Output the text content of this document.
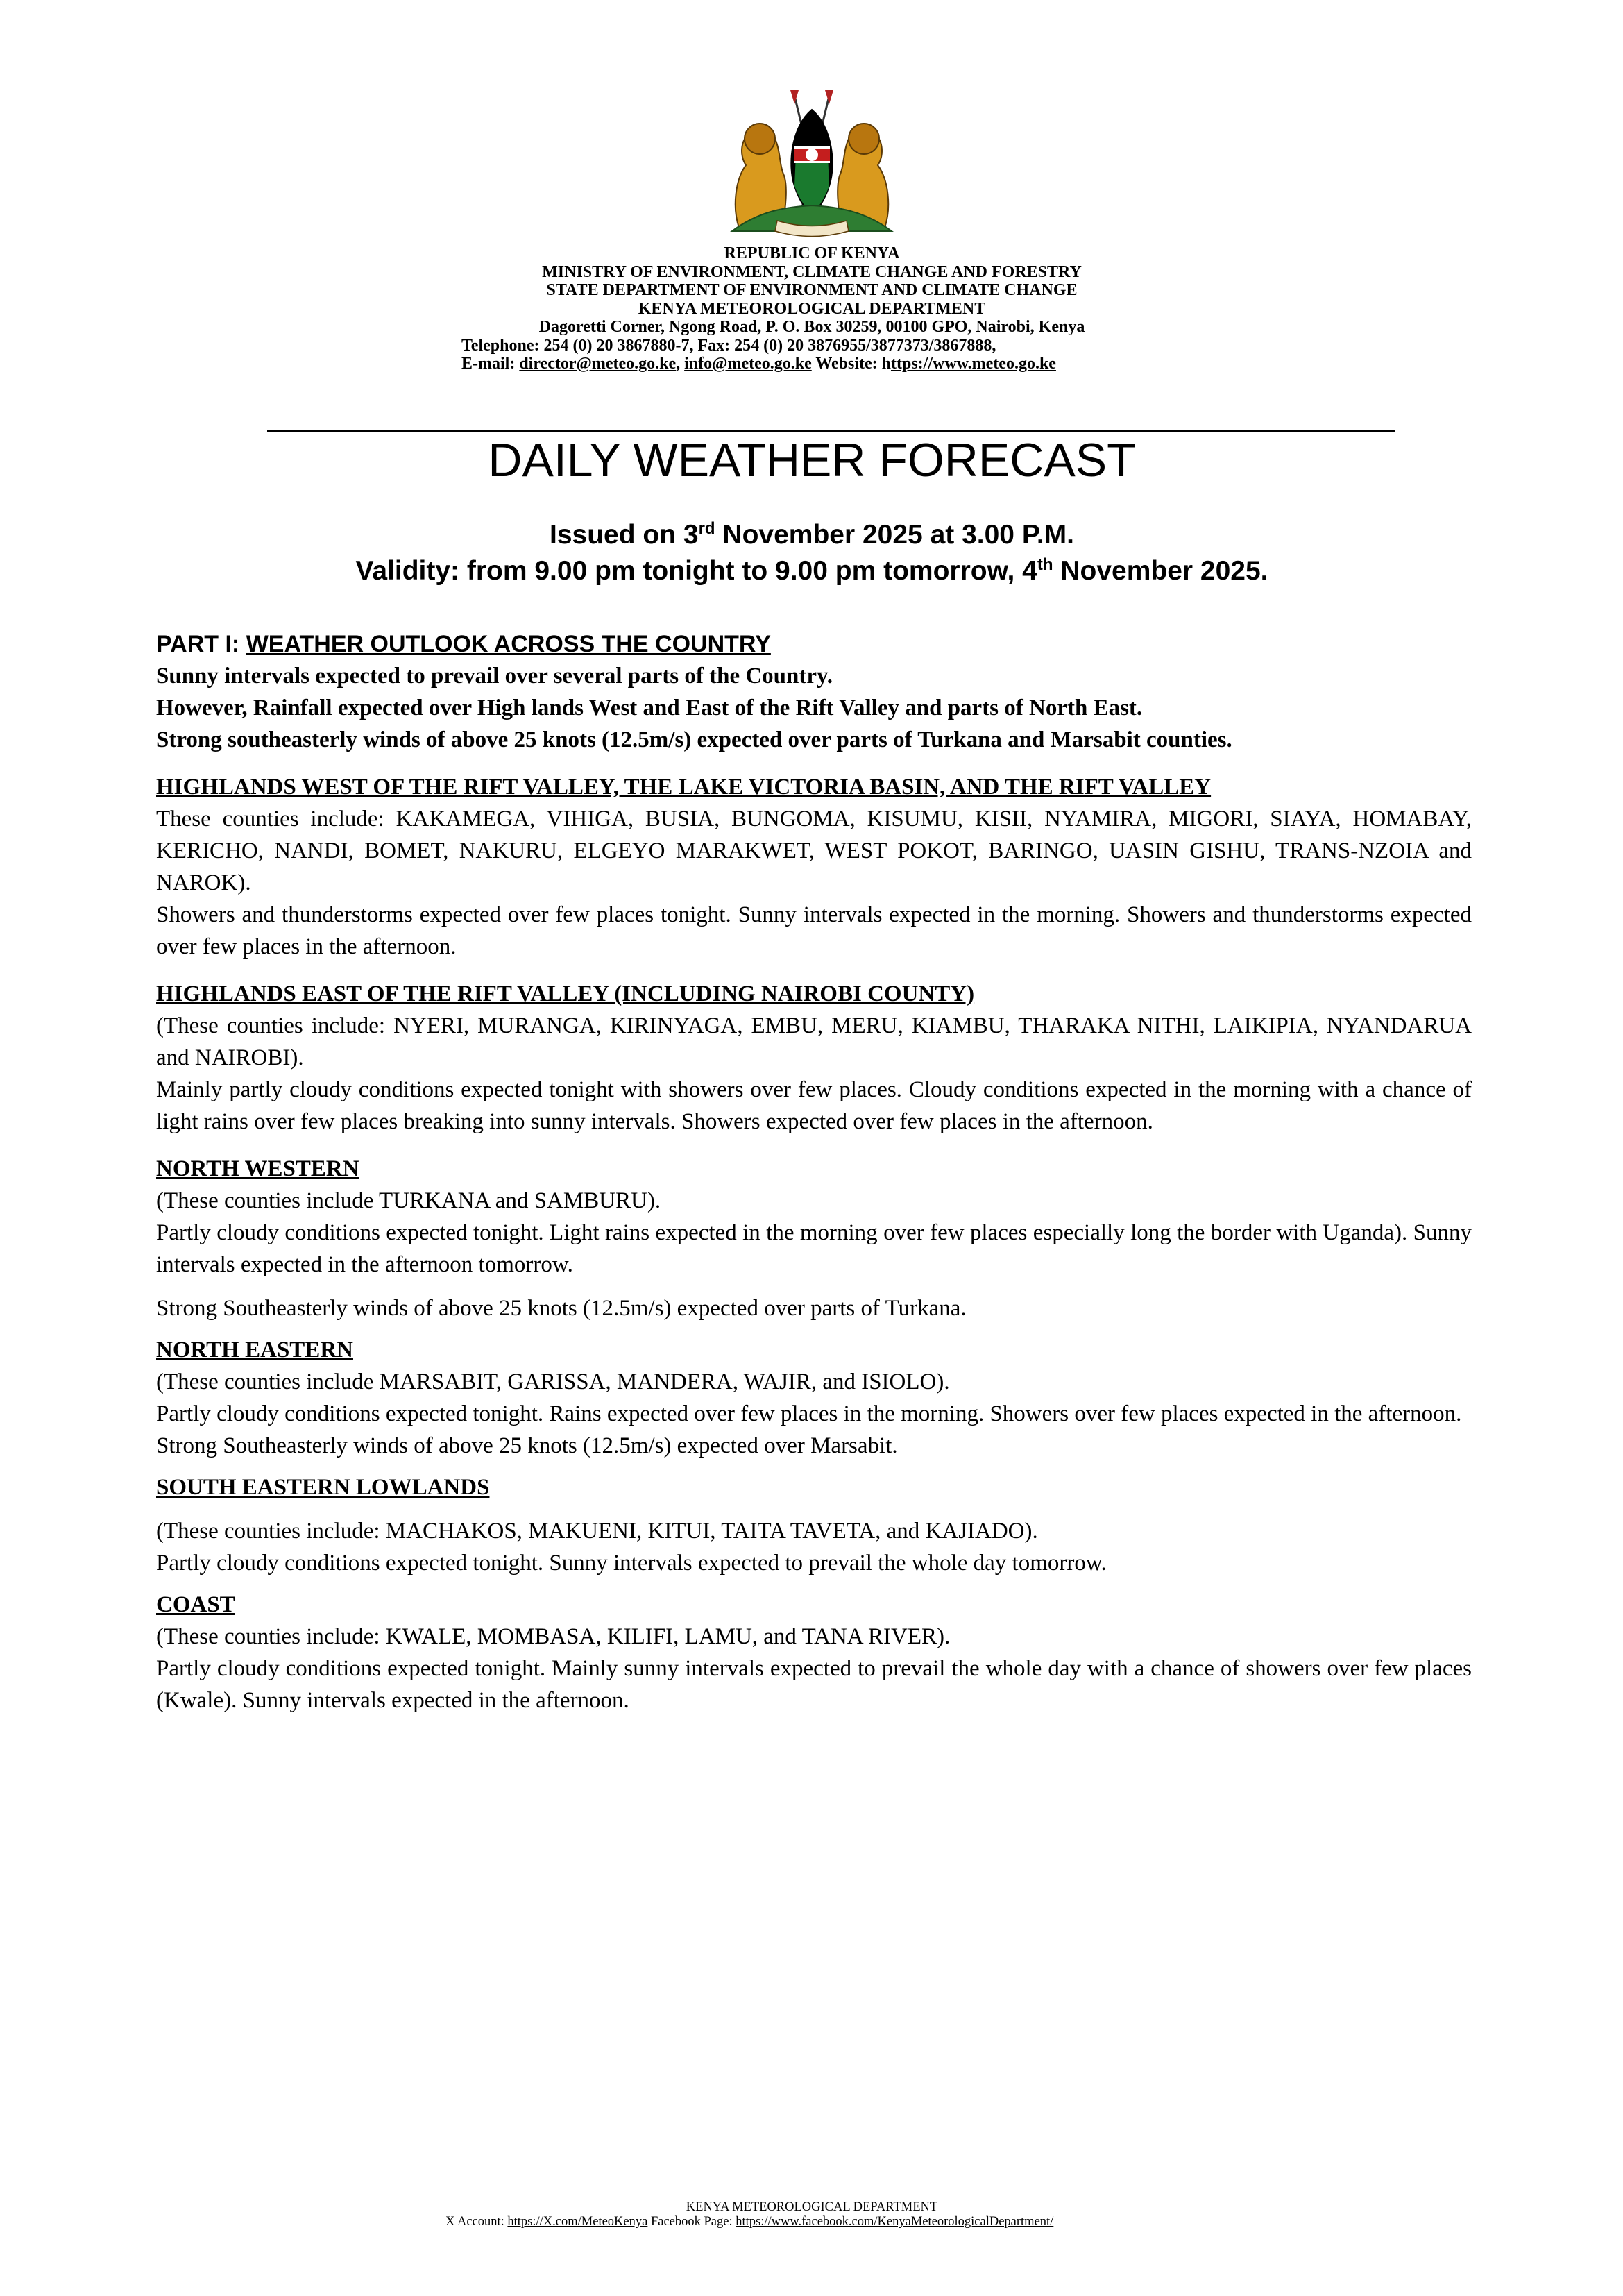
REPUBLIC OF KENYA
MINISTRY OF ENVIRONMENT, CLIMATE CHANGE AND FORESTRY
STATE DEPARTMENT OF ENVIRONMENT AND CLIMATE CHANGE
KENYA METEOROLOGICAL DEPARTMENT
Dagoretti Corner, Ngong Road, P. O. Box 30259, 00100 GPO, Nairobi, Kenya
Telephone: 254 (0) 20 3867880-7, Fax: 254 (0) 20 3876955/3877373/3867888,
E-mail: director@meteo.go.ke, info@meteo.go.ke Website: https://www.meteo.go.ke
DAILY WEATHER FORECAST
Issued on 3rd November 2025 at 3.00 P.M.
Validity: from 9.00 pm tonight to 9.00 pm tomorrow, 4th November 2025.

PART I: WEATHER OUTLOOK ACROSS THE COUNTRY

Sunny intervals expected to prevail over several parts of the Country.

However, Rainfall expected over High lands West and East of the Rift Valley and parts of North East.

Strong southeasterly winds of above 25 knots (12.5m/s) expected over parts of Turkana and Marsabit counties.

HIGHLANDS WEST OF THE RIFT VALLEY, THE LAKE VICTORIA BASIN, AND THE RIFT VALLEY

These counties include: KAKAMEGA, VIHIGA, BUSIA, BUNGOMA, KISUMU, KISII, NYAMIRA, MIGORI, SIAYA, HOMABAY, KERICHO, NANDI, BOMET, NAKURU, ELGEYO MARAKWET, WEST POKOT, BARINGO, UASIN GISHU, TRANS-NZOIA and NAROK).

Showers and thunderstorms expected over few places tonight. Sunny intervals expected in the morning. Showers and thunderstorms expected over few places in the afternoon.

HIGHLANDS EAST OF THE RIFT VALLEY (INCLUDING NAIROBI COUNTY)

(These counties include: NYERI, MURANGA, KIRINYAGA, EMBU, MERU, KIAMBU, THARAKA NITHI, LAIKIPIA, NYANDARUA and NAIROBI).

Mainly partly cloudy conditions expected tonight with showers over few places. Cloudy conditions expected in the morning with a chance of light rains over few places breaking into sunny intervals. Showers expected over few places in the afternoon.

NORTH WESTERN

(These counties include TURKANA and SAMBURU).

Partly cloudy conditions expected tonight. Light rains expected in the morning over few places especially long the border with Uganda). Sunny intervals expected in the afternoon tomorrow.

Strong Southeasterly winds of above 25 knots (12.5m/s) expected over parts of Turkana.

NORTH EASTERN

(These counties include MARSABIT, GARISSA, MANDERA, WAJIR, and ISIOLO).

Partly cloudy conditions expected tonight. Rains expected over few places in the morning. Showers over few places expected in the afternoon.

Strong Southeasterly winds of above 25 knots (12.5m/s) expected over Marsabit.

SOUTH EASTERN LOWLANDS

(These counties include: MACHAKOS, MAKUENI, KITUI, TAITA TAVETA, and KAJIADO).

Partly cloudy conditions expected tonight. Sunny intervals expected to prevail the whole day tomorrow.

COAST

(These counties include: KWALE, MOMBASA, KILIFI, LAMU, and TANA RIVER).

Partly cloudy conditions expected tonight. Mainly sunny intervals expected to prevail the whole day with a chance of showers over few places (Kwale). Sunny intervals expected in the afternoon.

KENYA METEOROLOGICAL DEPARTMENT
X Account: https://X.com/MeteoKenya Facebook Page: https://www.facebook.com/KenyaMeteorologicalDepartment/
